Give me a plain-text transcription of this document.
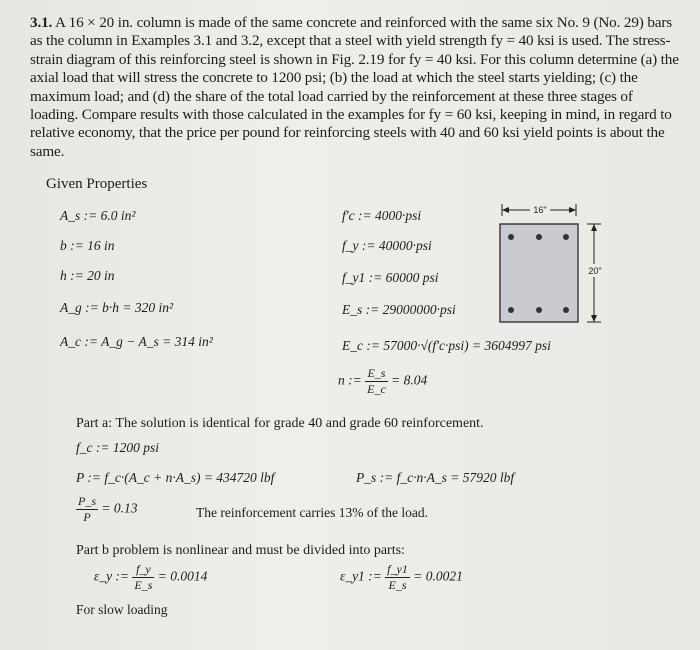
3.1. A 16 × 20 in. column is made of the same concrete and reinforced with the same six No. 9 (No. 29) bars as the column in Examples 3.1 and 3.2, except that a steel with yield strength fy = 40 ksi is used. The stress-strain diagram of this reinforcing steel is shown in Fig. 2.19 for fy = 40 ksi. For this column determine (a) the axial load that will stress the concrete to 1200 psi; (b) the load at which the steel starts yielding; (c) the maximum load; and (d) the share of the total load carried by the reinforcement at these three stages of loading. Compare results with those calculated in the examples for fy = 60 ksi, keeping in mind, in regard to relative economy, that the price per pound for reinforcing steels with 40 and 60 ksi yield points is about the same.
Given Properties
A_s := 6.0 in²
b := 16 in
h := 20 in
A_g := b·h = 320 in²
A_c := A_g − A_s = 314 in²
f'c := 4000·psi
f_y := 40000·psi
f_y1 := 60000 psi
E_s := 29000000·psi
E_c := 57000·√(f'c·psi) = 3604997 psi
n := $\frac{E\_s}{E\_c} = 8.04$
16"
20"
Part a: The solution is identical for grade 40 and grade 60 reinforcement.
f_c := 1200 psi
P := f_c·(A_c + n·A_s) = 434720 lbf	P_s := f_c·n·A_s = 57920 lbf
$\frac{P\_s}{P} = 0.13$	The reinforcement carries 13% of the load.
Part b problem is nonlinear and must be divided into parts:
ε_y := $\frac{f\_y}{E\_s} = 0.0014$	ε_y1 := $\frac{f\_y1}{E\_s} = 0.0021$
For slow loading
